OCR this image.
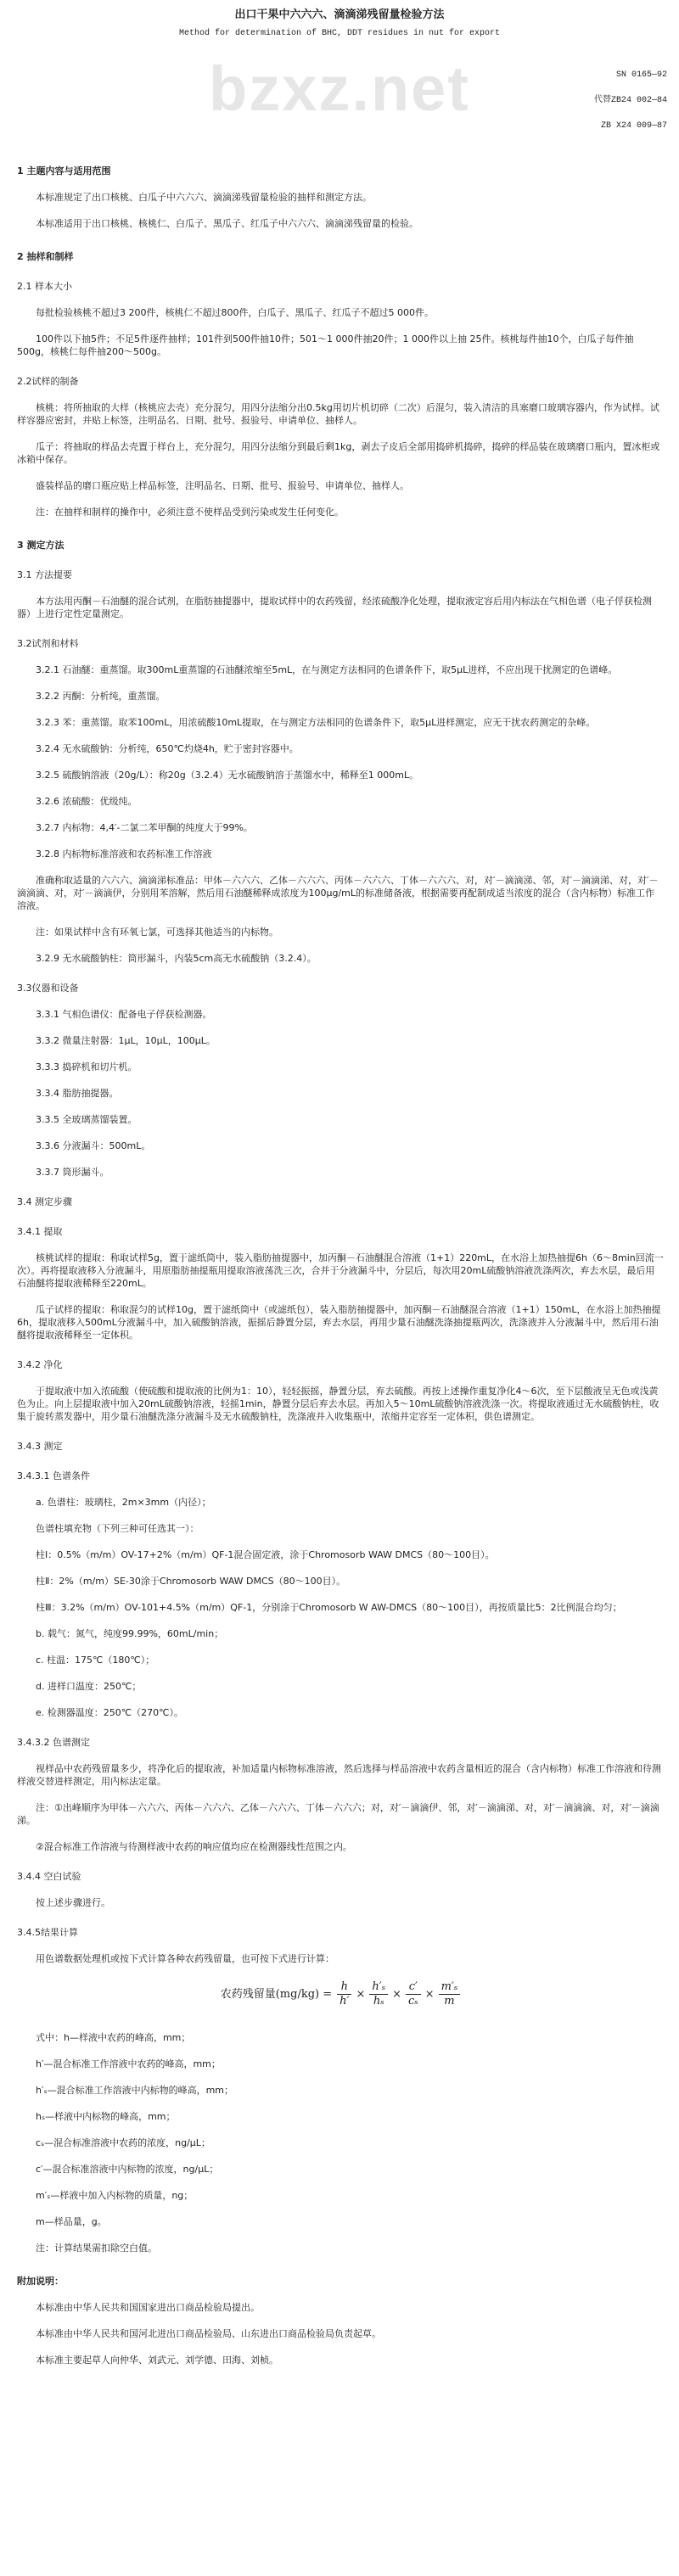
bzxz.net
出口干果中六六六、滴滴涕残留量检验方法
Method for determination of BHC, DDT residues in nut for export
SN 0165—92
代替ZB24 002—84
ZB X24 009—87
1 主题内容与适用范围
本标准规定了出口核桃、白瓜子中六六六、滴滴涕残留量检验的抽样和测定方法。
本标准适用于出口核桃、核桃仁、白瓜子、黑瓜子、红瓜子中六六六、滴滴涕残留量的检验。
2 抽样和制样
2.1 样本大小
每批检验核桃不超过3 200件，核桃仁不超过800件，白瓜子、黑瓜子、红瓜子不超过5 000件。
100件以下抽5件；不足5件逐件抽样；101件到500件抽10件；501～1 000件抽20件；1 000件以上抽 25件。核桃每件抽10个，白瓜子每件抽500g，核桃仁每件抽200～500g。
2.2试样的制备
核桃：将所抽取的大样（核桃应去壳）充分混匀，用四分法缩分出0.5kg用切片机切碎（二次）后混匀，装入清洁的具塞磨口玻璃容器内，作为试样。试样容器应密封，并贴上标签，注明品名、日期、批号、报验号、申请单位、抽样人。
瓜子：将抽取的样品去壳置于样台上，充分混匀，用四分法缩分到最后剩1kg，剥去子皮后全部用捣碎机捣碎，捣碎的样品装在玻璃磨口瓶内，置冰柜或冰箱中保存。
盛装样品的磨口瓶应贴上样品标签，注明品名、日期、批号、报验号、申请单位、抽样人。
注：在抽样和制样的操作中，必须注意不使样品受到污染或发生任何变化。
3 测定方法
3.1 方法提要
本方法用丙酮－石油醚的混合试剂，在脂肪抽提器中，提取试样中的农药残留，经浓硫酸净化处理，提取液定容后用内标法在气相色谱（电子俘获检测器）上进行定性定量测定。
3.2试剂和材料
3.2.1 石油醚：重蒸馏。取300mL重蒸馏的石油醚浓缩至5mL，在与测定方法相同的色谱条件下，取5μL进样，不应出现干扰测定的色谱峰。
3.2.2 丙酮：分析纯，重蒸馏。
3.2.3 苯：重蒸馏。取苯100mL，用浓硫酸10mL提取，在与测定方法相同的色谱条件下，取5μL进样测定，应无干扰农药测定的杂峰。
3.2.4 无水硫酸钠：分析纯，650℃灼烧4h，贮于密封容器中。
3.2.5 硫酸钠溶液（20g/L）：称20g（3.2.4）无水硫酸钠溶于蒸馏水中，稀释至1 000mL。
3.2.6 浓硫酸：优级纯。
3.2.7 内标物：4,4′-二氯二苯甲酮的纯度大于99%。
3.2.8 内标物标准溶液和农药标准工作溶液
准确称取适量的六六六、滴滴涕标准品：甲体－六六六、乙体－六六六、丙体－六六六、丁体－六六六、对，对′－滴滴涕、邻，对′－滴滴涕、对，对′－滴滴滴、对，对′－滴滴伊，分别用苯溶解，然后用石油醚稀释成浓度为100μg/mL的标准储备液，根据需要再配制成适当浓度的混合（含内标物）标准工作溶液。
注：如果试样中含有环氧七氯，可选择其他适当的内标物。
3.2.9 无水硫酸钠柱：筒形漏斗，内装5cm高无水硫酸钠（3.2.4）。
3.3仪器和设备
3.3.1 气相色谱仪：配备电子俘获检测器。
3.3.2 微量注射器：1μL，10μL，100μL。
3.3.3 捣碎机和切片机。
3.3.4 脂肪抽提器。
3.3.5 全玻璃蒸馏装置。
3.3.6 分液漏斗：500mL。
3.3.7 筒形漏斗。
3.4 测定步骤
3.4.1 提取
核桃试样的提取：称取试样5g，置于滤纸筒中，装入脂肪抽提器中，加丙酮－石油醚混合溶液（1+1）220mL，在水浴上加热抽提6h（6～8min回流一次）。再将提取液移入分液漏斗，用原脂肪抽提瓶用提取溶液荡洗三次，合并于分液漏斗中，分层后，每次用20mL硫酸钠溶液洗涤两次，弃去水层，最后用石油醚将提取液稀释至220mL。
瓜子试样的提取：称取混匀的试样10g，置于滤纸筒中（或滤纸包），装入脂肪抽提器中，加丙酮－石油醚混合溶液（1+1）150mL，在水浴上加热抽提6h，提取液移入500mL分液漏斗中，加入硫酸钠溶液，振摇后静置分层，弃去水层，再用少量石油醚洗涤抽提瓶两次，洗涤液并入分液漏斗中，然后用石油醚将提取液稀释至一定体积。
3.4.2 净化
于提取液中加入浓硫酸（使硫酸和提取液的比例为1：10），轻轻振摇，静置分层，弃去硫酸。再按上述操作重复净化4～6次，至下层酸液呈无色或浅黄色为止。向上层提取液中加入20mL硫酸钠溶液，轻摇1min，静置分层后弃去水层。再加入5～10mL硫酸钠溶液洗涤一次。将提取液通过无水硫酸钠柱，收集于旋转蒸发器中，用少量石油醚洗涤分液漏斗及无水硫酸钠柱，洗涤液并入收集瓶中，浓缩并定容至一定体积，供色谱测定。
3.4.3 测定
3.4.3.1 色谱条件
a. 色谱柱：玻璃柱，2m×3mm（内径）；
色谱柱填充物（下列三种可任选其一）：
柱Ⅰ：0.5%（m/m）OV-17+2%（m/m）QF-1混合固定液，涂于Chromosorb WAW DMCS（80～100目）。
柱Ⅱ：2%（m/m）SE-30涂于Chromosorb WAW DMCS（80～100目）。
柱Ⅲ：3.2%（m/m）OV-101+4.5%（m/m）QF-1，分别涂于Chromosorb W AW-DMCS（80～100目），再按质量比5：2比例混合均匀；
b. 载气：氮气，纯度99.99%，60mL/min；
c. 柱温：175℃（180℃）；
d. 进样口温度：250℃；
e. 检测器温度：250℃（270℃）。
3.4.3.2 色谱测定
视样品中农药残留量多少，将净化后的提取液，补加适量内标物标准溶液，然后选择与样品溶液中农药含量相近的混合（含内标物）标准工作溶液和待测样液交替进样测定，用内标法定量。
注：①出峰顺序为甲体－六六六、丙体－六六六、乙体－六六六、丁体－六六六；对，对′－滴滴伊、邻，对′－滴滴涕、对，对′－滴滴滴、对，对′－滴滴涕。
②混合标准工作溶液与待测样液中农药的响应值均应在检测器线性范围之内。
3.4.4 空白试验
按上述步骤进行。
3.4.5结果计算
用色谱数据处理机或按下式计算各种农药残留量，也可按下式进行计算：
农药残留量$(mg/kg) = \frac{h}{h'} \times \frac{\text{h′ₛ}}{\text{hₛ}} \times \frac{c'}{\text{cₛ}} \times \frac{\text{m′ₛ}}{m}$
式中：h—样液中农药的峰高，mm；
h′—混合标准工作溶液中农药的峰高，mm；
h′ₛ—混合标准工作溶液中内标物的峰高，mm；
hₛ—样液中内标物的峰高，mm；
cₛ—混合标准溶液中农药的浓度，ng/μL；
c′—混合标准溶液中内标物的浓度，ng/μL；
m′ₛ—样液中加入内标物的质量，ng；
m—样品量，g。
注：计算结果需扣除空白值。
附加说明：
本标准由中华人民共和国国家进出口商品检验局提出。
本标准由中华人民共和国河北进出口商品检验局、山东进出口商品检验局负责起草。
本标准主要起草人向仲华、刘武元、刘学德、田海、刘桢。
